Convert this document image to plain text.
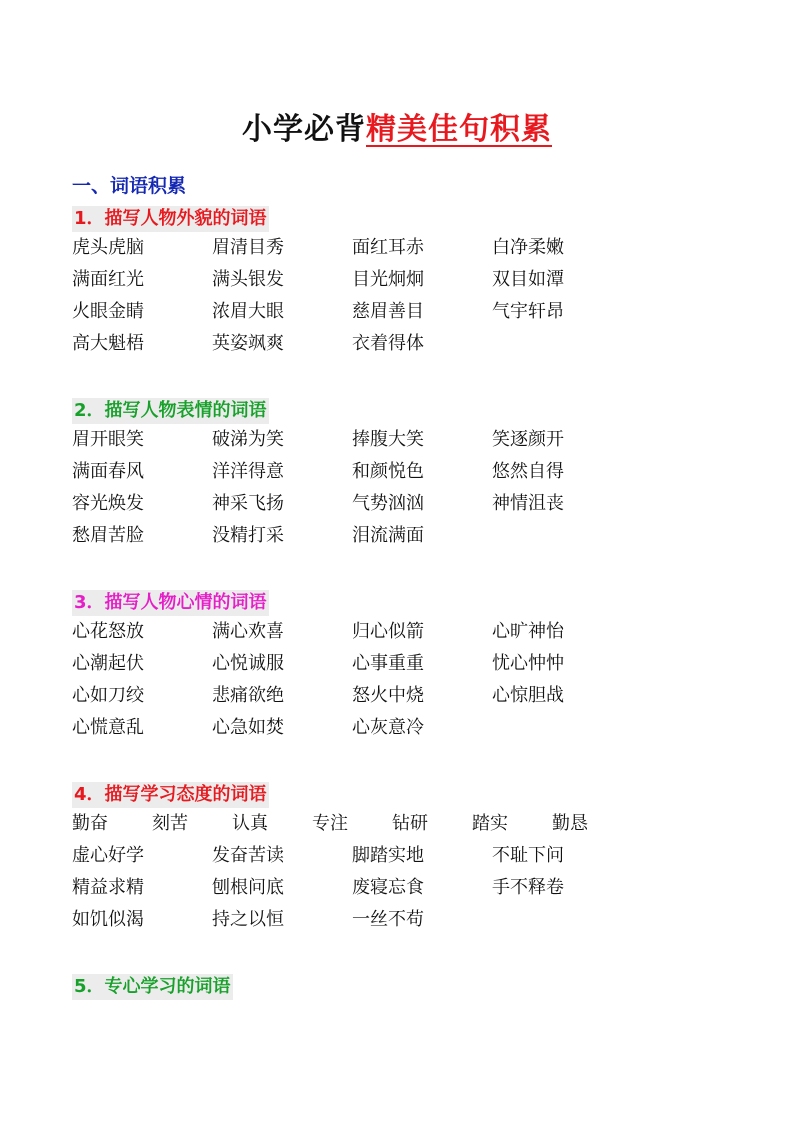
小学必背精美佳句积累
一、词语积累
1．描写人物外貌的词语
虎头虎脑	眉清目秀	面红耳赤	白净柔嫩
满面红光	满头银发	目光炯炯	双目如潭
火眼金睛	浓眉大眼	慈眉善目	气宇轩昂
高大魁梧	英姿飒爽	衣着得体
2．描写人物表情的词语
眉开眼笑	破涕为笑	捧腹大笑	笑逐颜开
满面春风	洋洋得意	和颜悦色	悠然自得
容光焕发	神采飞扬	气势汹汹	神情沮丧
愁眉苦脸	没精打采	泪流满面
3．描写人物心情的词语
心花怒放	满心欢喜	归心似箭	心旷神怡
心潮起伏	心悦诚服	心事重重	忧心忡忡
心如刀绞	悲痛欲绝	怒火中烧	心惊胆战
心慌意乱	心急如焚	心灰意冷
4．描写学习态度的词语
勤奋 刻苦 认真 专注 钻研 踏实 勤恳
虚心好学	发奋苦读	脚踏实地	不耻下问
精益求精	刨根问底	废寝忘食	手不释卷
如饥似渴	持之以恒	一丝不苟
5．专心学习的词语
